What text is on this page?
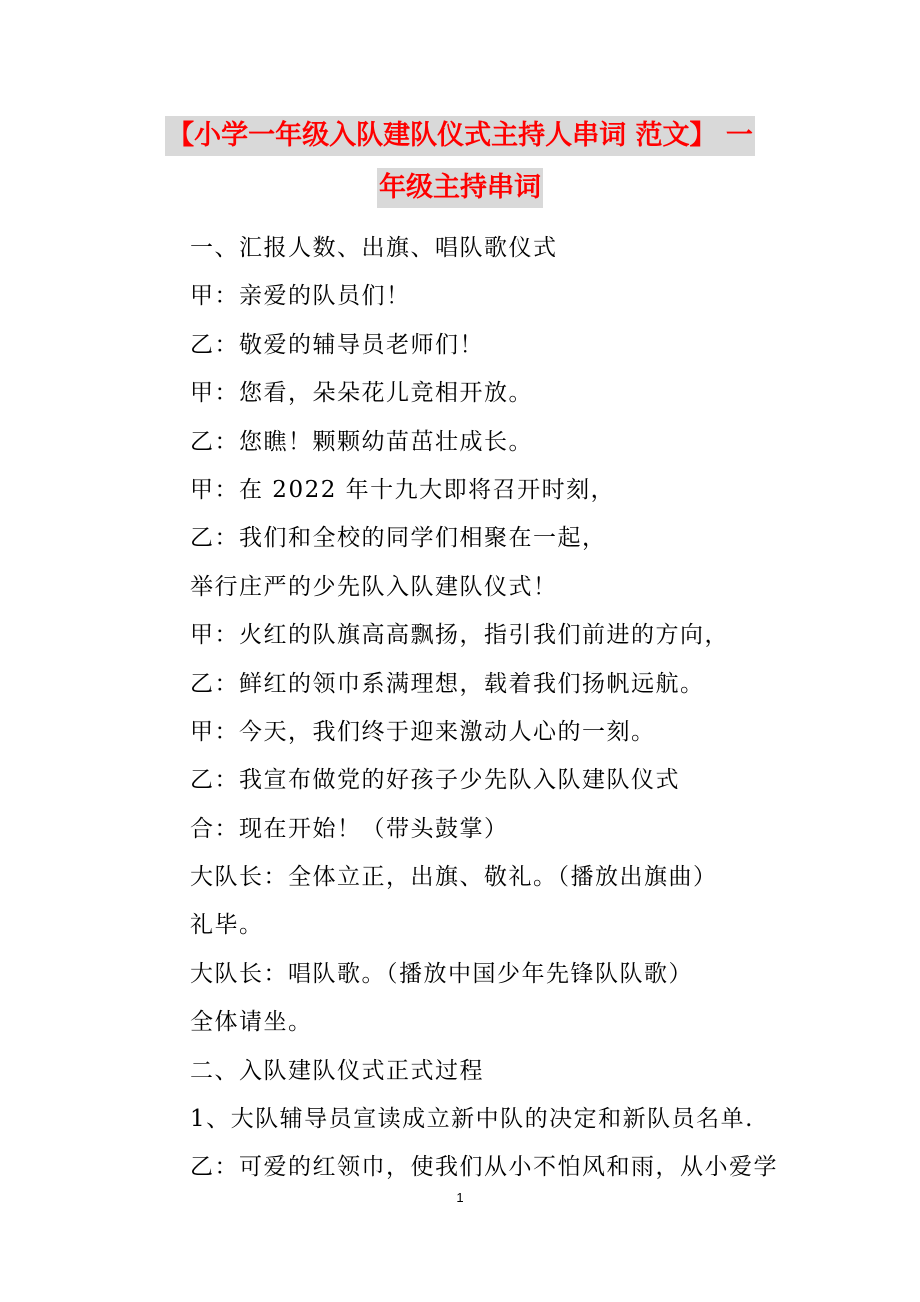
【小学一年级入队建队仪式主持人串词 范文】 一
年级主持串词
一、汇报人数、出旗、唱队歌仪式
甲：亲爱的队员们！
乙：敬爱的辅导员老师们！
甲：您看，朵朵花儿竞相开放。
乙：您瞧！颗颗幼苗茁壮成长。
甲：在 2022 年十九大即将召开时刻，
乙：我们和全校的同学们相聚在一起，
举行庄严的少先队入队建队仪式！
甲：火红的队旗高高飘扬，指引我们前进的方向，
乙：鲜红的领巾系满理想，载着我们扬帆远航。
甲：今天，我们终于迎来激动人心的一刻。
乙：我宣布做党的好孩子少先队入队建队仪式
合：现在开始！（带头鼓掌）
大队长：全体立正，出旗、敬礼。（播放出旗曲）
礼毕。
大队长：唱队歌。（播放中国少年先锋队队歌）
全体请坐。
二、入队建队仪式正式过程
1、大队辅导员宣读成立新中队的决定和新队员名单.
乙：可爱的红领巾，使我们从小不怕风和雨，从小爱学
1
